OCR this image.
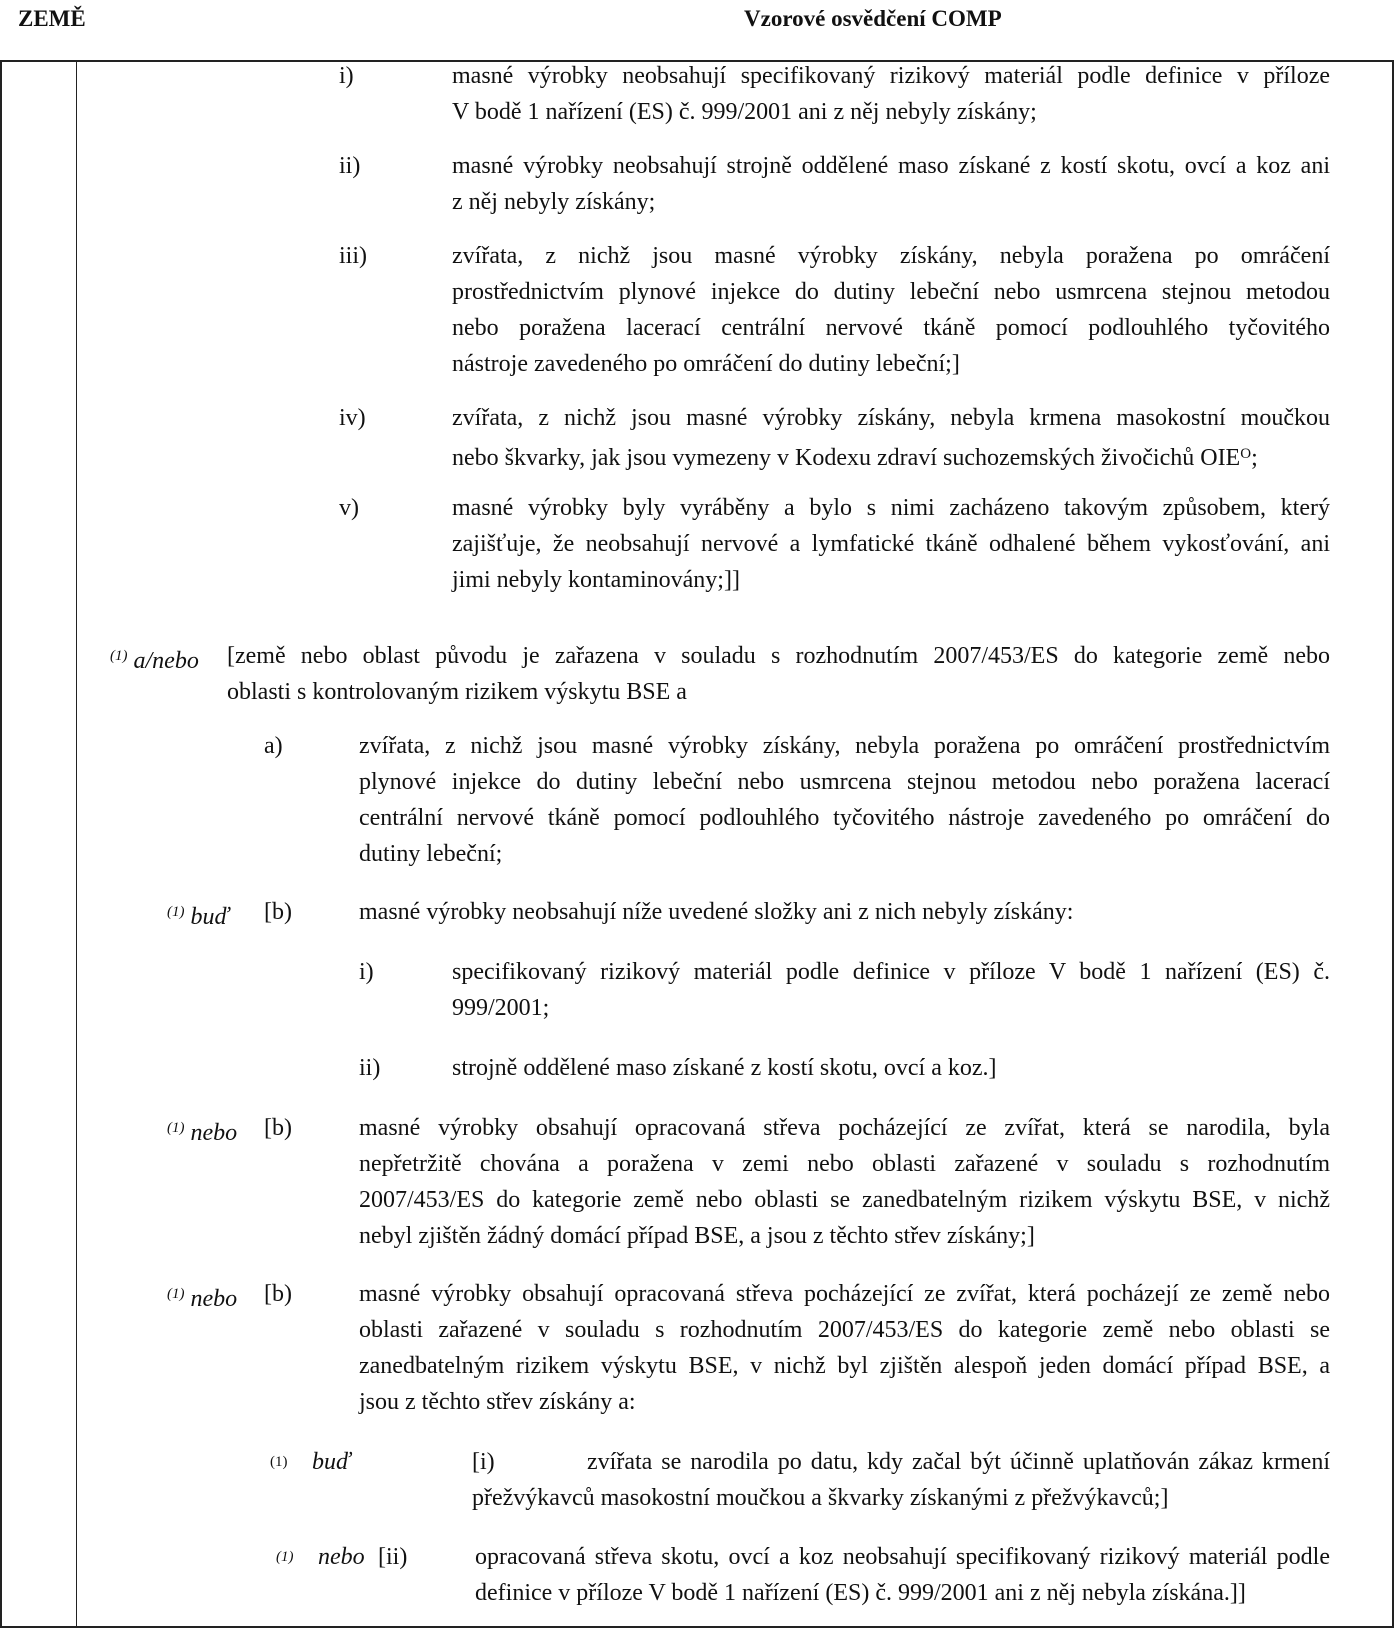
ZEMĚ	Vzorové osvědčení COMP
i)	masné výrobky neobsahují specifikovaný rizikový materiál podle definice v příloze
V bodě 1 nařízení (ES) č. 999/2001 ani z něj nebyly získány;
ii)	masné výrobky neobsahují strojně oddělené maso získané z kostí skotu, ovcí a koz ani
z něj nebyly získány;
iii)	zvířata, z nichž jsou masné výrobky získány, nebyla poražena po omráčení
prostřednictvím plynové injekce do dutiny lebeční nebo usmrcena stejnou metodou
nebo poražena lacerací centrální nervové tkáně pomocí podlouhlého tyčovitého
nástroje zavedeného po omráčení do dutiny lebeční;]
iv)	zvířata, z nichž jsou masné výrobky získány, nebyla krmena masokostní moučkou
nebo škvarky, jak jsou vymezeny v Kodexu zdraví suchozemských živočichů $OIE^O$;
v)	masné výrobky byly vyráběny a bylo s nimi zacházeno takovým způsobem, který
zajišťuje, že neobsahují nervové a lymfatické tkáně odhalené během vykosťování, ani
jimi nebyly kontaminovány;]]
$^{(1)}$ a/nebo [země nebo oblast původu je zařazena v souladu s rozhodnutím 2007/453/ES do kategorie země nebo
oblasti s kontrolovaným rizikem výskytu BSE a
a)	zvířata, z nichž jsou masné výrobky získány, nebyla poražena po omráčení prostřednictvím
plynové injekce do dutiny lebeční nebo usmrcena stejnou metodou nebo poražena lacerací
centrální nervové tkáně pomocí podlouhlého tyčovitého nástroje zavedeného po omráčení do
dutiny lebeční;
$^{(1)}$ buď [b)	masné výrobky neobsahují níže uvedené složky ani z nich nebyly získány:
i)	specifikovaný rizikový materiál podle definice v příloze V bodě 1 nařízení (ES) č.
999/2001;
ii)	strojně oddělené maso získané z kostí skotu, ovcí a koz.]
$^{(1)}$ nebo [b)	masné výrobky obsahují opracovaná střeva pocházející ze zvířat, která se narodila, byla
nepřetržitě chována a poražena v zemi nebo oblasti zařazené v souladu s rozhodnutím
2007/453/ES do kategorie země nebo oblasti se zanedbatelným rizikem výskytu BSE, v nichž
nebyl zjištěn žádný domácí případ BSE, a jsou z těchto střev získány;]
$^{(1)}$ nebo [b)	masné výrobky obsahují opracovaná střeva pocházející ze zvířat, která pocházejí ze země nebo
oblasti zařazené v souladu s rozhodnutím 2007/453/ES do kategorie země nebo oblasti se
zanedbatelným rizikem výskytu BSE, v nichž byl zjištěn alespoň jeden domácí případ BSE, a
jsou z těchto střev získány a:
$^{(1)}$ buď	[i)	zvířata se narodila po datu, kdy začal být účinně uplatňován zákaz krmení
přežvýkavců masokostní moučkou a škvarky získanými z přežvýkavců;]
$^{(1)}$ nebo [ii)	opracovaná střeva skotu, ovcí a koz neobsahují specifikovaný rizikový materiál podle
definice v příloze V bodě 1 nařízení (ES) č. 999/2001 ani z něj nebyla získána.]]
